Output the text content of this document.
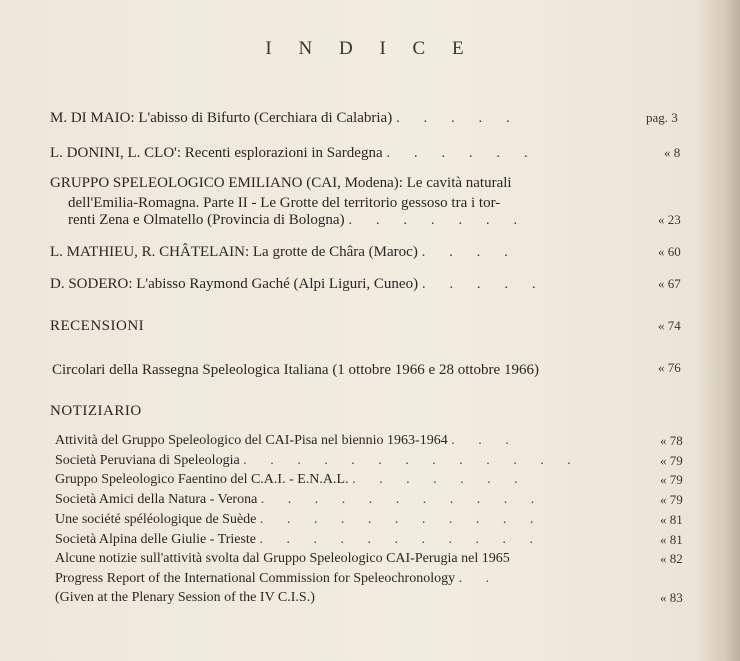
I N D I C E
M. DI MAIO: L'abisso di Bifurto (Cerchiara di Calabria) . . . . .	pag. 3
L. DONINI, L. CLO': Recenti esplorazioni in Sardegna . . . . . .	« 8
GRUPPO SPELEOLOGICO EMILIANO (CAI, Modena): Le cavità naturali
dell'Emilia-Romagna. Parte II - Le Grotte del territorio gessoso tra i tor-
renti Zena e Olmatello (Provincia di Bologna) . . . . . . .	« 23
L. MATHIEU, R. CHÂTELAIN: La grotte de Châra (Maroc) . . . .	« 60
D. SODERO: L'abisso Raymond Gaché (Alpi Liguri, Cuneo) . . . . .	« 67
RECENSIONI	« 74
Circolari della Rassegna Speleologica Italiana (1 ottobre 1966 e 28 ottobre 1966)	« 76
NOTIZIARIO
Attività del Gruppo Speleologico del CAI-Pisa nel biennio 1963-1964 . . .	« 78
Società Peruviana di Speleologia . . . . . . . . . . . . .	« 79
Gruppo Speleologico Faentino del C.A.I. - E.N.A.L. . . . . . . .	« 79
Società Amici della Natura - Verona . . . . . . . . . . .	« 79
Une société spéléologique de Suède . . . . . . . . . . .	« 81
Società Alpina delle Giulie - Trieste . . . . . . . . . . .	« 81
Alcune notizie sull'attività svolta dal Gruppo Speleologico CAI-Perugia nel 1965	« 82
Progress Report of the International Commission for Speleochronology . .
(Given at the Plenary Session of the IV C.I.S.)	« 83
